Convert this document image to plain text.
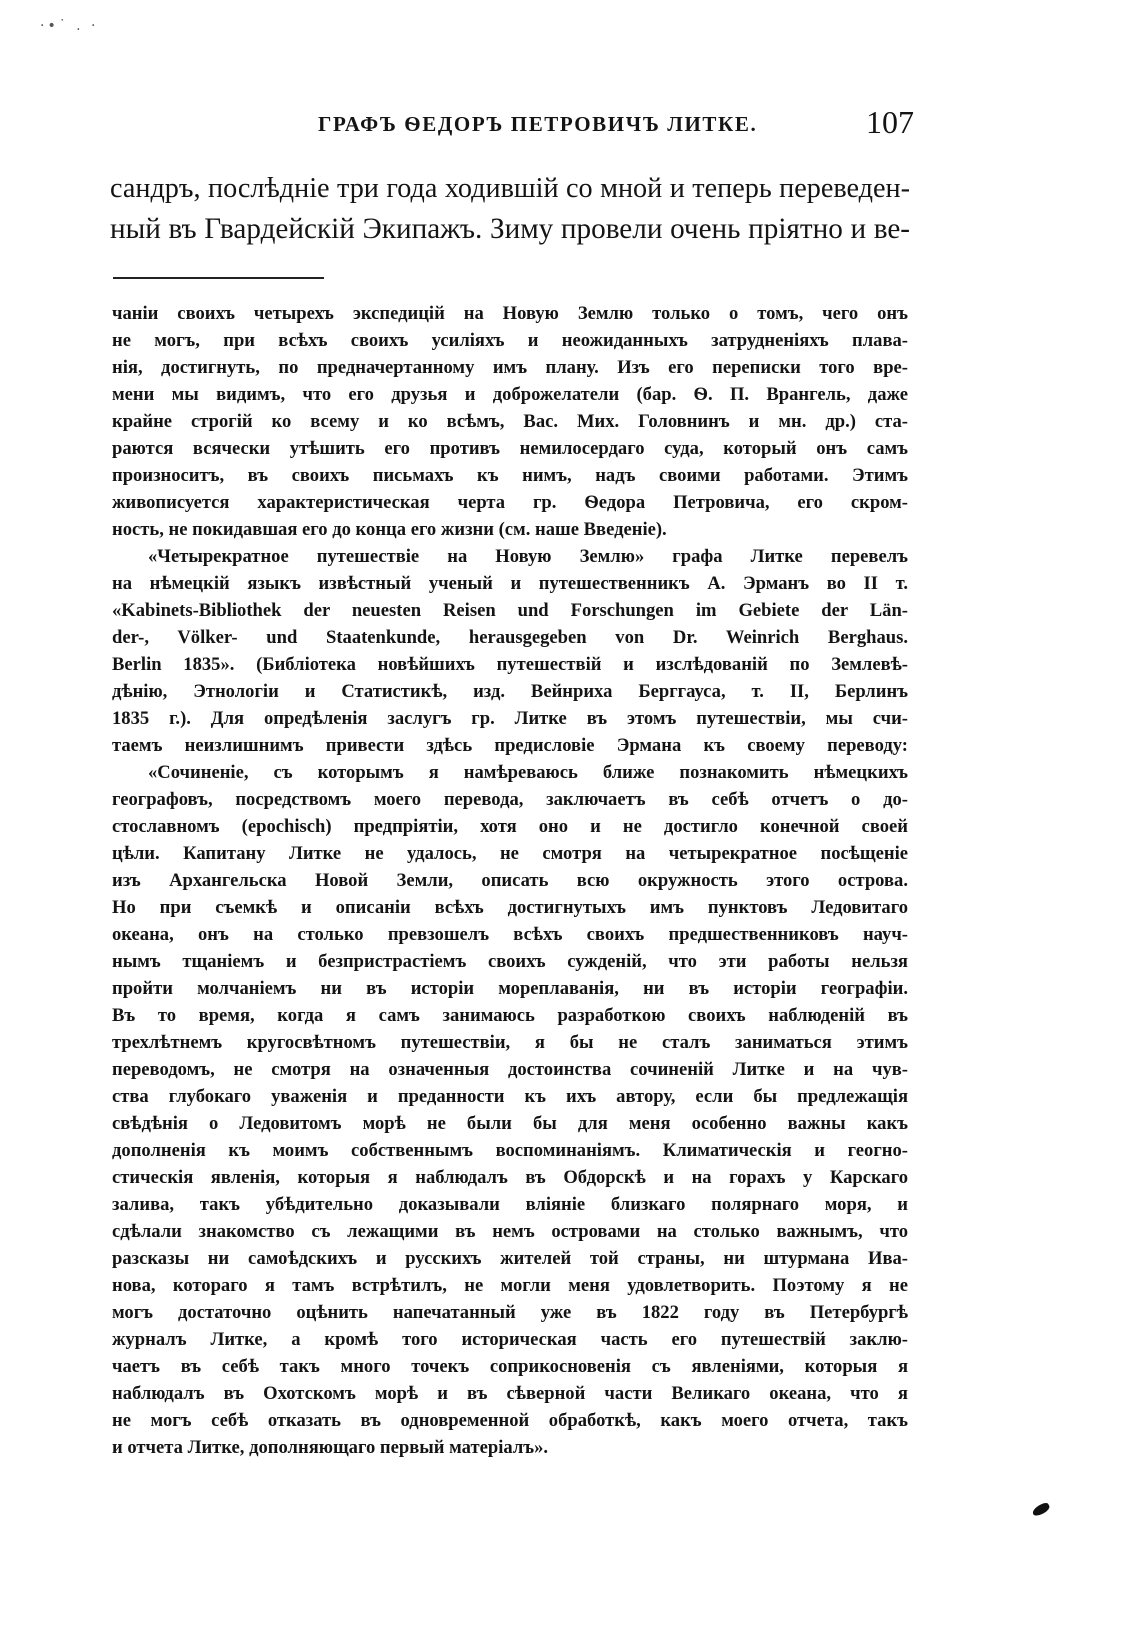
·•˙ . ·
ГРАФЪ ѲЕДОРЪ ПЕТРОВИЧЪ ЛИТКЕ.	107
сандръ, послѣдніе три года ходившій со мной и теперь переведен-
ный въ Гвардейскій Экипажъ. Зиму провели очень пріятно и ве-
чаніи своихъ четырехъ экспедицій на Новую Землю только о томъ, чего онъ
не могъ, при всѣхъ своихъ усиліяхъ и неожиданныхъ затрудненіяхъ плава-
нія, достигнуть, по предначертанному имъ плану. Изъ его переписки того вре-
мени мы видимъ, что его друзья и доброжелатели (бар. Ѳ. П. Врангель, даже
крайне строгій ко всему и ко всѣмъ, Вас. Мих. Головнинъ и мн. др.) ста-
раются всячески утѣшить его противъ немилосердаго суда, который онъ самъ
произноситъ, въ своихъ письмахъ къ нимъ, надъ своими работами. Этимъ
живописуется характеристическая черта гр. Ѳедора Петровича, его скром-
ность, не покидавшая его до конца его жизни (см. наше Введеніе).
«Четырекратное путешествіе на Новую Землю» графа Литке перевелъ
на нѣмецкій языкъ извѣстный ученый и путешественникъ А. Эрманъ во II т.
«Kabinets-Bibliothek der neuesten Reisen und Forschungen im Gebiete der Län-
der-, Völker- und Staatenkunde, herausgegeben von Dr. Weinrich Berghaus.
Berlin 1835». (Библіотека новѣйшихъ путешествій и изслѣдованій по Землевѣ-
дѣнію, Этнологіи и Статистикѣ, изд. Вейнриха Берггауса, т. II, Берлинъ
1835 г.). Для опредѣленія заслугъ гр. Литке въ этомъ путешествіи, мы счи-
таемъ неизлишнимъ привести здѣсь предисловіе Эрмана къ своему переводу:
«Сочиненіе, съ которымъ я намѣреваюсь ближе познакомить нѣмецкихъ
географовъ, посредствомъ моего перевода, заключаетъ въ себѣ отчетъ о до-
стославномъ (epochisch) предпріятіи, хотя оно и не достигло конечной своей
цѣли. Капитану Литке не удалось, не смотря на четырекратное посѣщеніе
изъ Архангельска Новой Земли, описать всю окружность этого острова.
Но при съемкѣ и описаніи всѣхъ достигнутыхъ имъ пунктовъ Ледовитаго
океана, онъ на столько превзошелъ всѣхъ своихъ предшественниковъ науч-
нымъ тщаніемъ и безпристрастіемъ своихъ сужденій, что эти работы нельзя
пройти молчаніемъ ни въ исторіи мореплаванія, ни въ исторіи географіи.
Въ то время, когда я самъ занимаюсь разработкою своихъ наблюденій въ
трехлѣтнемъ кругосвѣтномъ путешествіи, я бы не сталъ заниматься этимъ
переводомъ, не смотря на означенныя достоинства сочиненій Литке и на чув-
ства глубокаго уваженія и преданности къ ихъ автору, если бы предлежащія
свѣдѣнія о Ледовитомъ морѣ не были бы для меня особенно важны какъ
дополненія къ моимъ собственнымъ воспоминаніямъ. Климатическія и геогно-
стическія явленія, которыя я наблюдалъ въ Обдорскѣ и на горахъ у Карскаго
залива, такъ убѣдительно доказывали вліяніе близкаго полярнаго моря, и
сдѣлали знакомство съ лежащими въ немъ островами на столько важнымъ, что
разсказы ни самоѣдскихъ и русскихъ жителей той страны, ни штурмана Ива-
нова, котораго я тамъ встрѣтилъ, не могли меня удовлетворить. Поэтому я не
могъ достаточно оцѣнить напечатанный уже въ 1822 году въ Петербургѣ
журналъ Литке, а кромѣ того историческая часть его путешествій заклю-
чаетъ въ себѣ такъ много точекъ соприкосновенія съ явленіями, которыя я
наблюдалъ въ Охотскомъ морѣ и въ сѣверной части Великаго океана, что я
не могъ себѣ отказать въ одновременной обработкѣ, какъ моего отчета, такъ
и отчета Литке, дополняющаго первый матеріалъ».
